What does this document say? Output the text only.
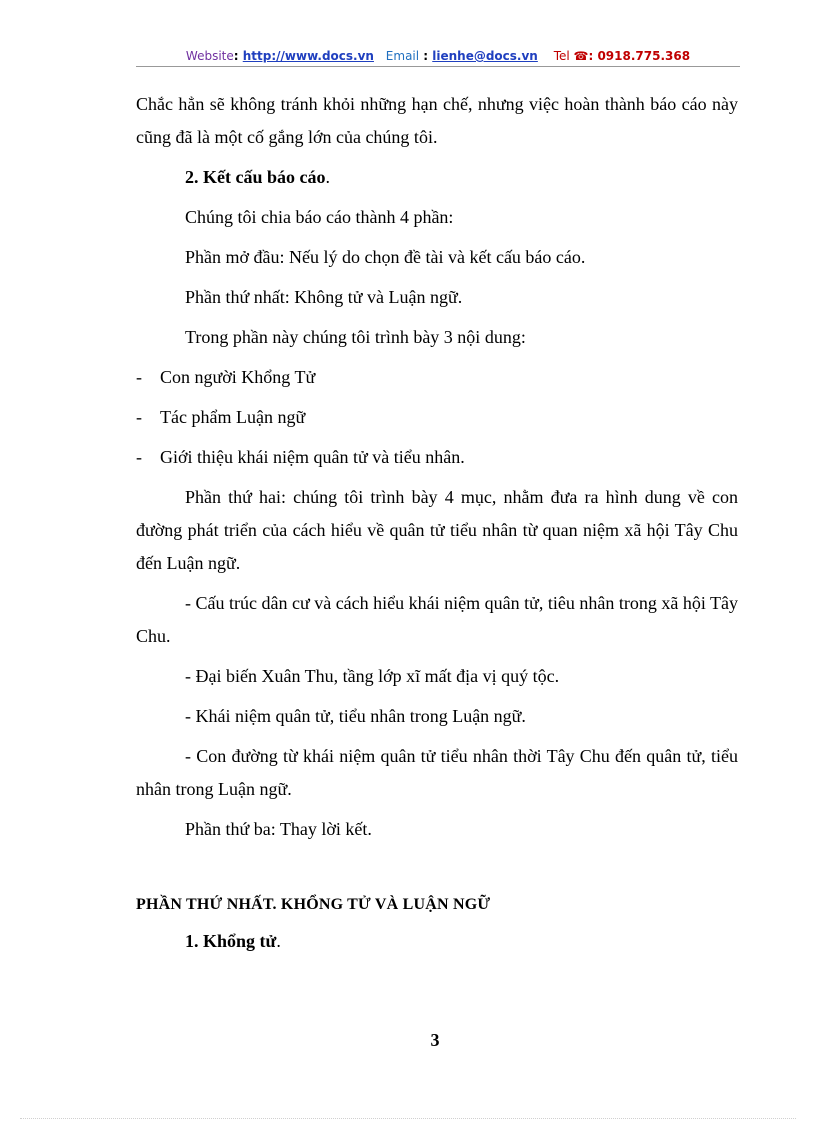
Website: http://www.docs.vn Email : lienhe@docs.vn Tel ☎: 0918.775.368

Chắc hẳn sẽ không tránh khỏi những hạn chế, nhưng việc hoàn thành báo cáo này cũng đã là một cố gắng lớn của chúng tôi.

2. Kết cấu báo cáo.

Chúng tôi chia báo cáo thành 4 phần:

Phần mở đầu: Nếu lý do chọn đề tài và kết cấu báo cáo.

Phần thứ nhất: Không tử và Luận ngữ.

Trong phần này chúng tôi trình bày 3 nội dung:

-	Con người Khổng Tử
-	Tác phẩm Luận ngữ
-	Giới thiệu khái niệm quân tử và tiểu nhân.

Phần thứ hai: chúng tôi trình bày 4 mục, nhằm đưa ra hình dung về con đường phát triển của cách hiểu về quân tử tiểu nhân từ quan niệm xã hội Tây Chu đến Luận ngữ.

- Cấu trúc dân cư và cách hiểu khái niệm quân tử, tiêu nhân trong xã hội Tây Chu.

- Đại biến Xuân Thu, tầng lớp xĩ mất địa vị quý tộc.

- Khái niệm quân tử, tiểu nhân trong Luận ngữ.

- Con đường từ khái niệm quân tử tiểu nhân thời Tây Chu đến quân tử, tiểu nhân trong Luận ngữ.

Phần thứ ba: Thay lời kết.

PHẦN THỨ NHẤT. KHỔNG TỬ VÀ LUẬN NGỮ

1. Khổng tử.

3
